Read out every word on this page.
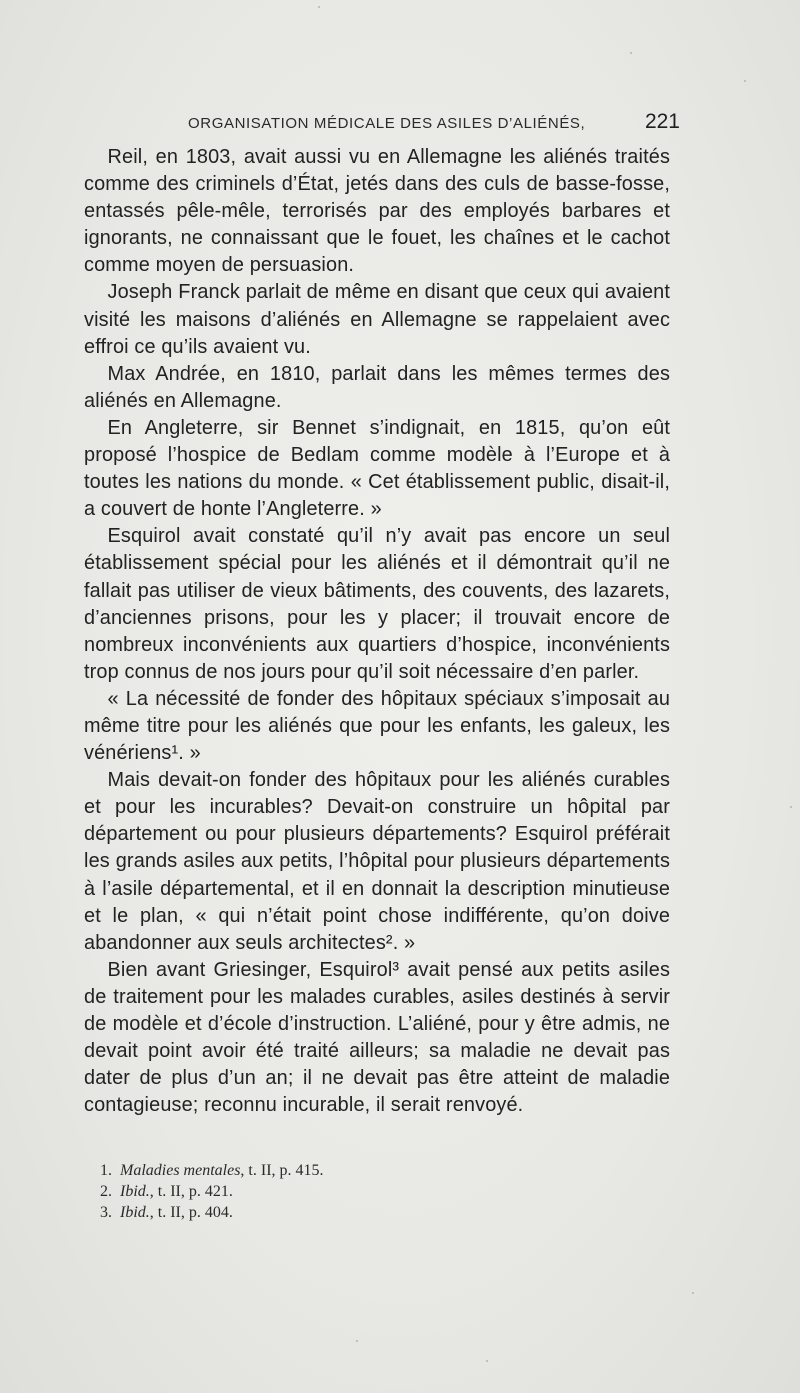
ORGANISATION MÉDICALE DES ASILES D’ALIÉNÉS,	221

Reil, en 1803, avait aussi vu en Allemagne les aliénés traités comme des criminels d’État, jetés dans des culs de basse-fosse, entassés pêle-mêle, terrorisés par des employés barbares et ignorants, ne connaissant que le fouet, les chaînes et le cachot comme moyen de persuasion.

Joseph Franck parlait de même en disant que ceux qui avaient visité les maisons d’aliénés en Allemagne se rappelaient avec effroi ce qu’ils avaient vu.

Max Andrée, en 1810, parlait dans les mêmes termes des aliénés en Allemagne.

En Angleterre, sir Bennet s’indignait, en 1815, qu’on eût proposé l’hospice de Bedlam comme modèle à l’Europe et à toutes les nations du monde. « Cet établissement public, disait-il, a couvert de honte l’Angleterre. »

Esquirol avait constaté qu’il n’y avait pas encore un seul établissement spécial pour les aliénés et il démontrait qu’il ne fallait pas utiliser de vieux bâtiments, des couvents, des lazarets, d’anciennes prisons, pour les y placer; il trouvait encore de nombreux inconvénients aux quartiers d’hospice, inconvénients trop connus de nos jours pour qu’il soit nécessaire d’en parler.

« La nécessité de fonder des hôpitaux spéciaux s’imposait au même titre pour les aliénés que pour les enfants, les galeux, les vénériens¹. »

Mais devait-on fonder des hôpitaux pour les aliénés curables et pour les incurables? Devait-on construire un hôpital par département ou pour plusieurs départements? Esquirol préférait les grands asiles aux petits, l’hôpital pour plusieurs départements à l’asile départemental, et il en donnait la description minutieuse et le plan, « qui n’était point chose indifférente, qu’on doive abandonner aux seuls architectes². »

Bien avant Griesinger, Esquirol³ avait pensé aux petits asiles de traitement pour les malades curables, asiles destinés à servir de modèle et d’école d’instruction. L’aliéné, pour y être admis, ne devait point avoir été traité ailleurs; sa maladie ne devait pas dater de plus d’un an; il ne devait pas être atteint de maladie contagieuse; reconnu incurable, il serait renvoyé.

1. Maladies mentales, t. II, p. 415.
2. Ibid., t. II, p. 421.
3. Ibid., t. II, p. 404.
